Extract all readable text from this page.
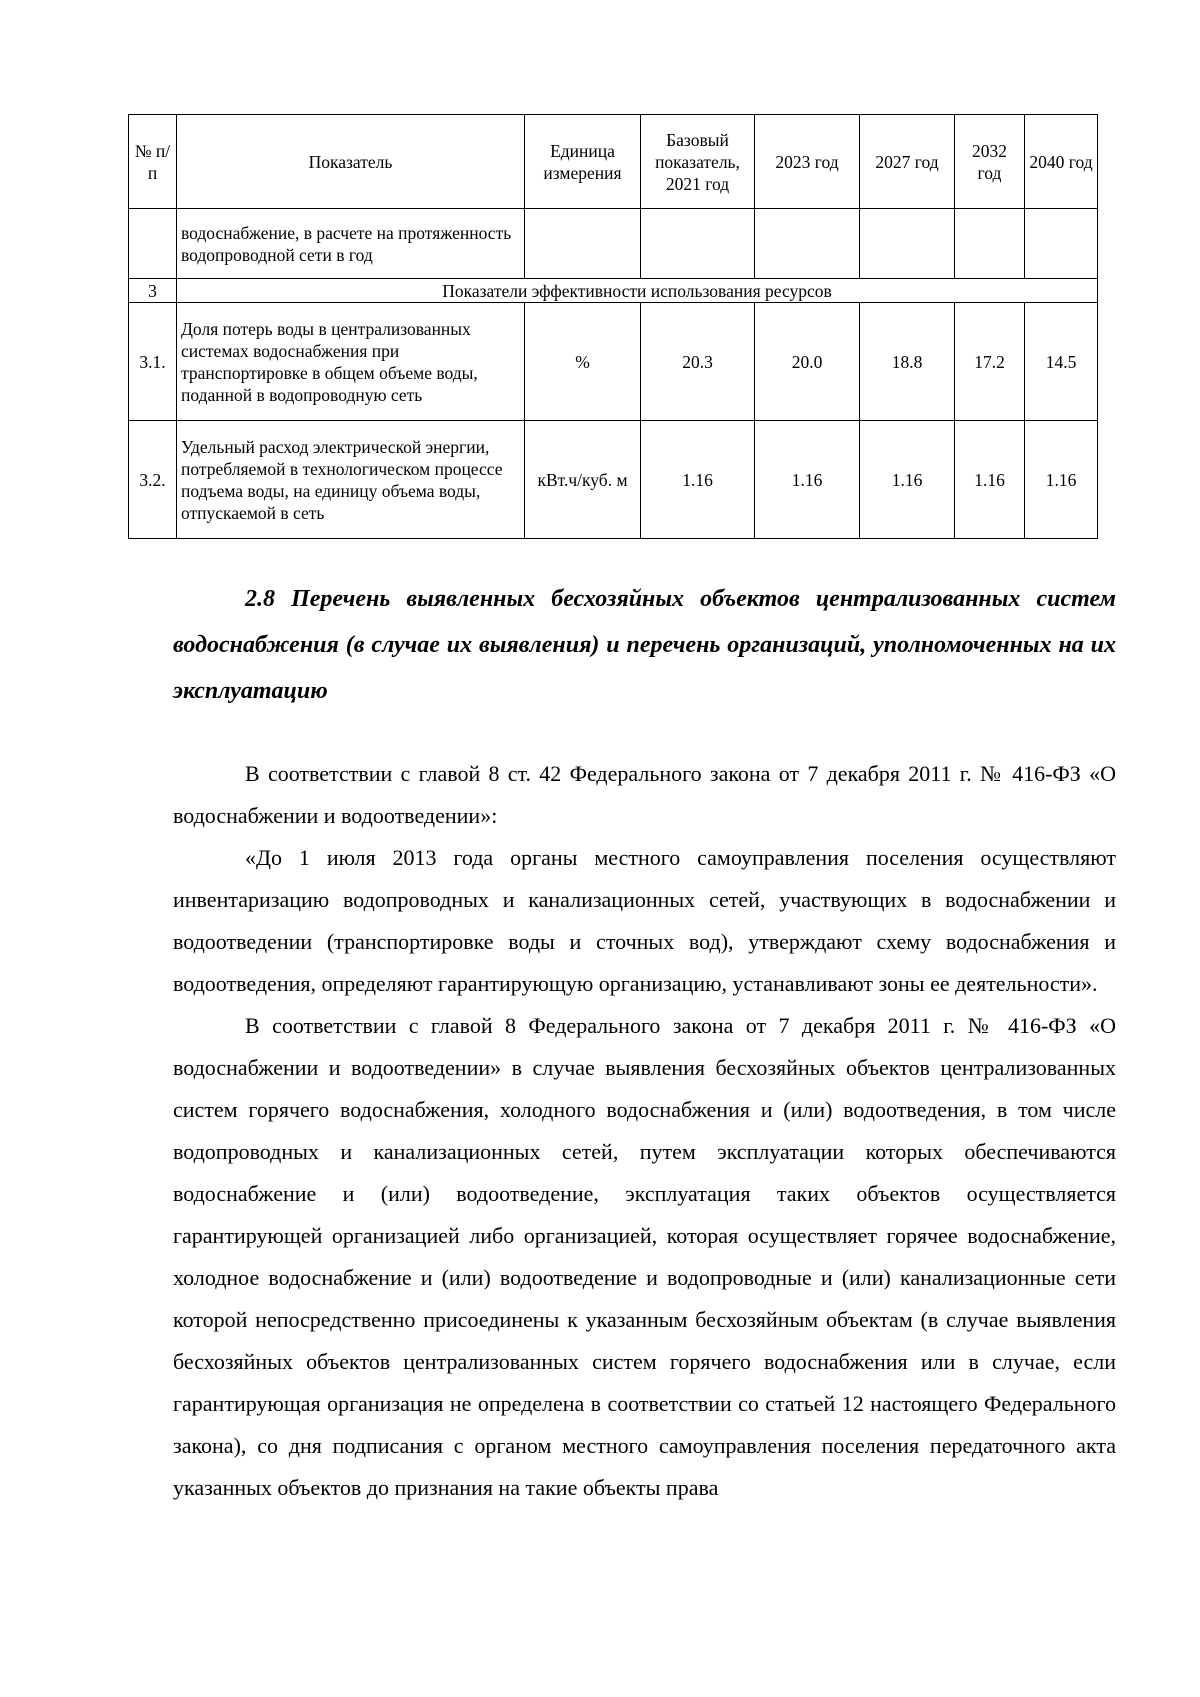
№ п/п	Показатель	Единица измерения	Базовый показатель, 2021 год	2023 год	2027 год	2032 год	2040 год
	водоснабжение, в расчете на протяженность водопроводной сети в год						
3	Показатели эффективности использования ресурсов						
3.1.	Доля потерь воды в централизованных системах водоснабжения при транспортировке в общем объеме воды, поданной в водопроводную сеть	%	20.3	20.0	18.8	17.2	14.5
3.2.	Удельный расход электрической энергии, потребляемой в технологическом процессе подъема воды, на единицу объема воды, отпускаемой в сеть	кВт.ч/куб. м	1.16	1.16	1.16	1.16	1.16
2.8 Перечень выявленных бесхозяйных объектов централизованных систем водоснабжения (в случае их выявления) и перечень организаций, уполномоченных на их эксплуатацию

В соответствии с главой 8 ст. 42 Федерального закона от 7 декабря 2011 г. № 416-ФЗ «О водоснабжении и водоотведении»:

«До 1 июля 2013 года органы местного самоуправления поселения осуществляют инвентаризацию водопроводных и канализационных сетей, участвующих в водоснабжении и водоотведении (транспортировке воды и сточных вод), утверждают схему водоснабжения и водоотведения, определяют гарантирующую организацию, устанавливают зоны ее деятельности».

В соответствии с главой 8 Федерального закона от 7 декабря 2011 г. № 416-ФЗ «О водоснабжении и водоотведении» в случае выявления бесхозяйных объектов централизованных систем горячего водоснабжения, холодного водоснабжения и (или) водоотведения, в том числе водопроводных и канализационных сетей, путем эксплуатации которых обеспечиваются водоснабжение и (или) водоотведение, эксплуатация таких объектов осуществляется гарантирующей организацией либо организацией, которая осуществляет горячее водоснабжение, холодное водоснабжение и (или) водоотведение и водопроводные и (или) канализационные сети которой непосредственно присоединены к указанным бесхозяйным объектам (в случае выявления бесхозяйных объектов централизованных систем горячего водоснабжения или в случае, если гарантирующая организация не определена в соответствии со статьей 12 настоящего Федерального закона), со дня подписания с органом местного самоуправления поселения передаточного акта указанных объектов до признания на такие объекты права
